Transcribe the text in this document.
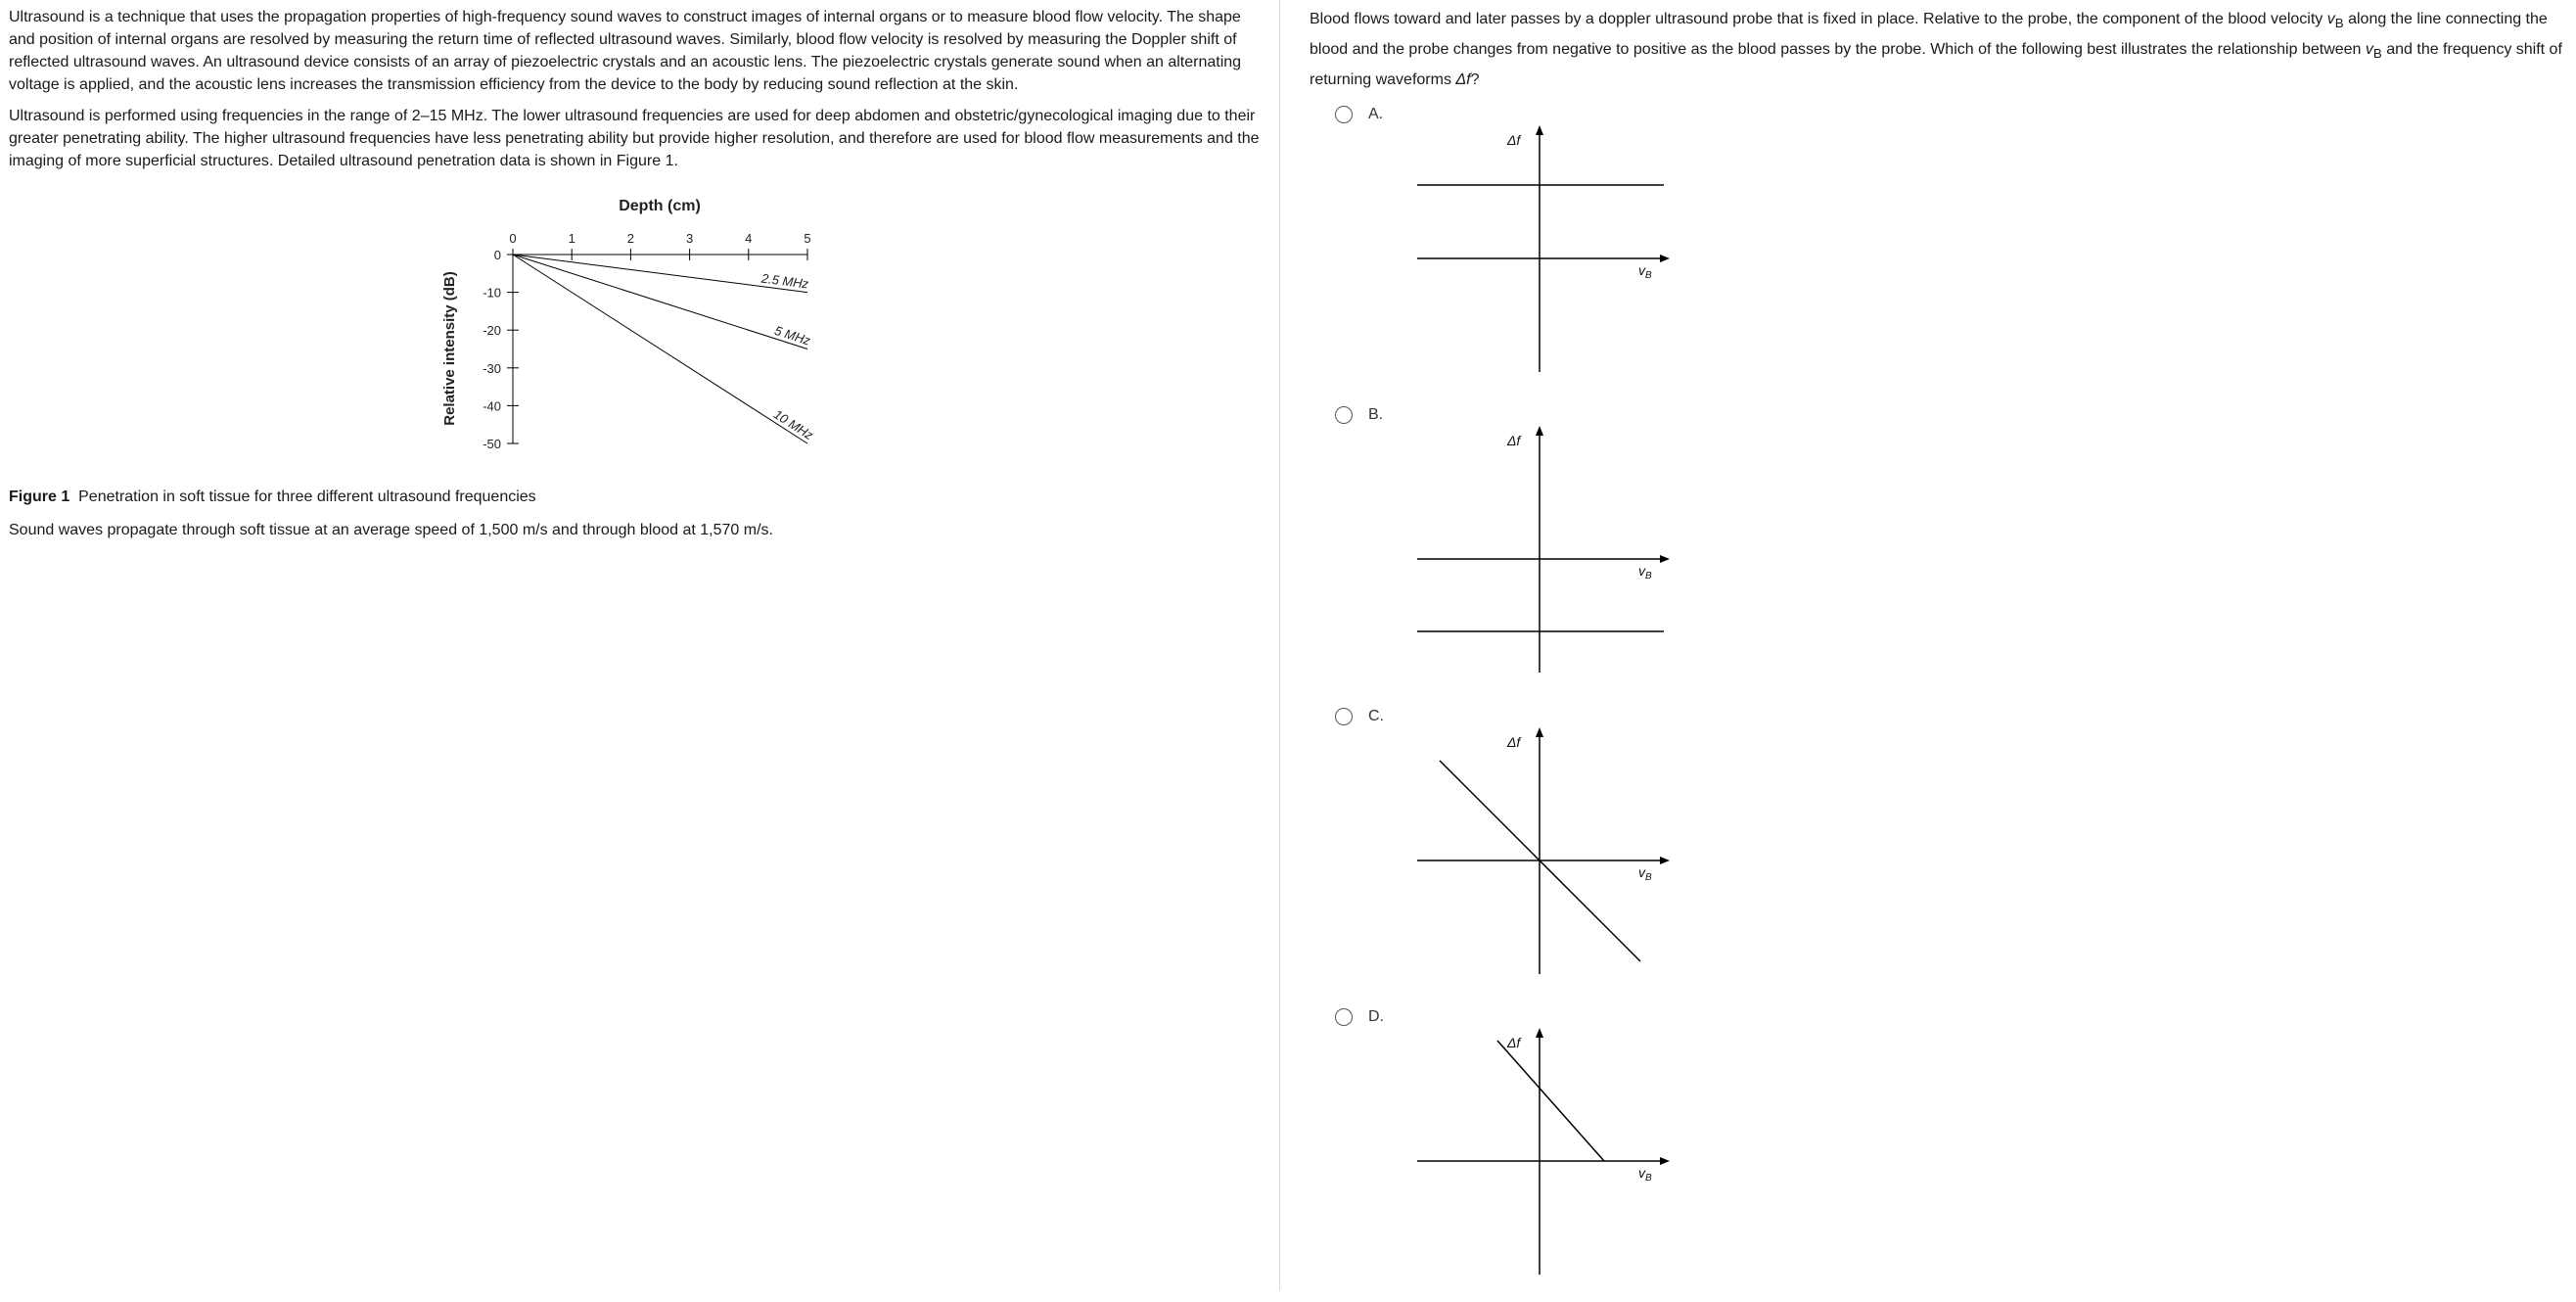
Ultrasound is a technique that uses the propagation properties of high-frequency sound waves to construct images of internal organs or to measure blood flow velocity. The shape and position of internal organs are resolved by measuring the return time of reflected ultrasound waves. Similarly, blood flow velocity is resolved by measuring the Doppler shift of reflected ultrasound waves. An ultrasound device consists of an array of piezoelectric crystals and an acoustic lens. The piezoelectric crystals generate sound when an alternating voltage is applied, and the acoustic lens increases the transmission efficiency from the device to the body by reducing sound reflection at the skin.

Ultrasound is performed using frequencies in the range of 2–15 MHz. The lower ultrasound frequencies are used for deep abdomen and obstetric/gynecological imaging due to their greater penetrating ability. The higher ultrasound frequencies have less penetrating ability but provide higher resolution, and therefore are used for blood flow measurements and the imaging of more superficial structures. Detailed ultrasound penetration data is shown in Figure 1.

Depth (cm)
Relative intensity (dB)
0	1	2	3	4	5
0
-10
-20
-30
-40
-50
2.5 MHz
5 MHz
10 MHz

Figure 1 Penetration in soft tissue for three different ultrasound frequencies

Sound waves propagate through soft tissue at an average speed of 1,500 m/s and through blood at 1,570 m/s.

Blood flows toward and later passes by a doppler ultrasound probe that is fixed in place. Relative to the probe, the component of the blood velocity $v_B$ along the line connecting the blood and the probe changes from negative to positive as the blood passes by the probe. Which of the following best illustrates the relationship between $v_B$ and the frequency shift of returning waveforms Δf?

A.
Δf
$v_B$
B.
Δf
$v_B$
C.
Δf
$v_B$
D.
Δf
$v_B$
